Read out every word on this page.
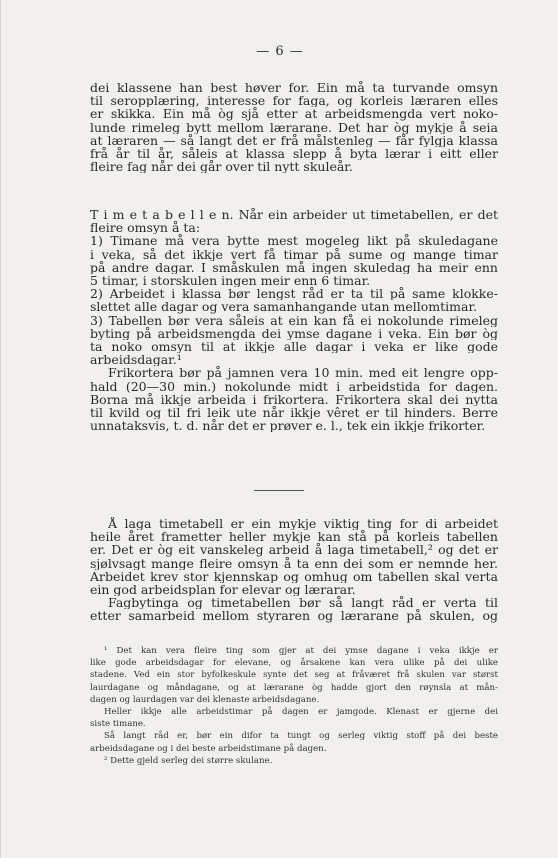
— 6 —
dei klassene han best høver for. Ein må ta turvande omsyn
til seropplæring, interesse for faga, og korleis læraren elles
er skikka. Ein må òg sjå etter at arbeidsmengda vert noko-
lunde rimeleg bytt mellom lærarane. Det har òg mykje å seia
at læraren — så langt det er frå målstenleg — får fylgja klassa
frå år til år, såleis at klassa slepp å byta lærar i eitt eller
fleire fag når dei går over til nytt skuleår.
T i m e t a b e l l e n. Når ein arbeider ut timetabellen, er det
fleire omsyn å ta:
1) Timane må vera bytte mest mogeleg likt på skuledagane
i veka, så det ikkje vert få timar på sume og mange timar
på andre dagar. I småskulen må ingen skuledag ha meir enn
5 timar, i storskulen ingen meir enn 6 timar.
2) Arbeidet i klassa bør lengst råd er ta til på same klokke-
slettet alle dagar og vera samanhangande utan mellomtimar.
3) Tabellen bør vera såleis at ein kan få ei nokolunde rimeleg
byting på arbeidsmengda dei ymse dagane i veka. Ein bør òg
ta noko omsyn til at ikkje alle dagar i veka er like gode
arbeidsdagar.¹
Frikortera bør på jamnen vera 10 min. med eit lengre opp-
hald (20—30 min.) nokolunde midt i arbeidstida for dagen.
Borna må ikkje arbeida i frikortera. Frikortera skal dei nytta
til kvild og til fri leik ute når ikkje vêret er til hinders. Berre
unnataksvis, t. d. når det er prøver e. l., tek ein ikkje frikorter.
Å laga timetabell er ein mykje viktig ting for di arbeidet
heile året frametter heller mykje kan stå på korleis tabellen
er. Det er òg eit vanskeleg arbeid å laga timetabell,² og det er
sjølvsagt mange fleire omsyn å ta enn dei som er nemnde her.
Arbeidet krev stor kjennskap og omhug om tabellen skal verta
ein god arbeidsplan for elevar og lærarar.
Fagbytinga og timetabellen bør så langt råd er verta til
etter samarbeid mellom styraren og lærarane på skulen, og
¹ Det kan vera fleire ting som gjer at dei ymse dagane i veka ikkje er
like gode arbeidsdagar for elevane, og årsakene kan vera ulike på dei ulike
stadene. Ved ein stor byfolkeskule synte det seg at fråværet frå skulen var størst
laurdagane og måndagane, og at lærarane òg hadde gjort den røynsla at mån-
dagen og laurdagen var dei klenaste arbeidsdagane.
Heller ikkje alle arbeidstimar på dagen er jamgode. Klenast er gjerne dei
siste timane.
Så langt råd er, bør ein difor ta tungt og serleg viktig stoff på dei beste
arbeidsdagane og i dei beste arbeidstimane på dagen.
² Dette gjeld serleg dei større skulane.
